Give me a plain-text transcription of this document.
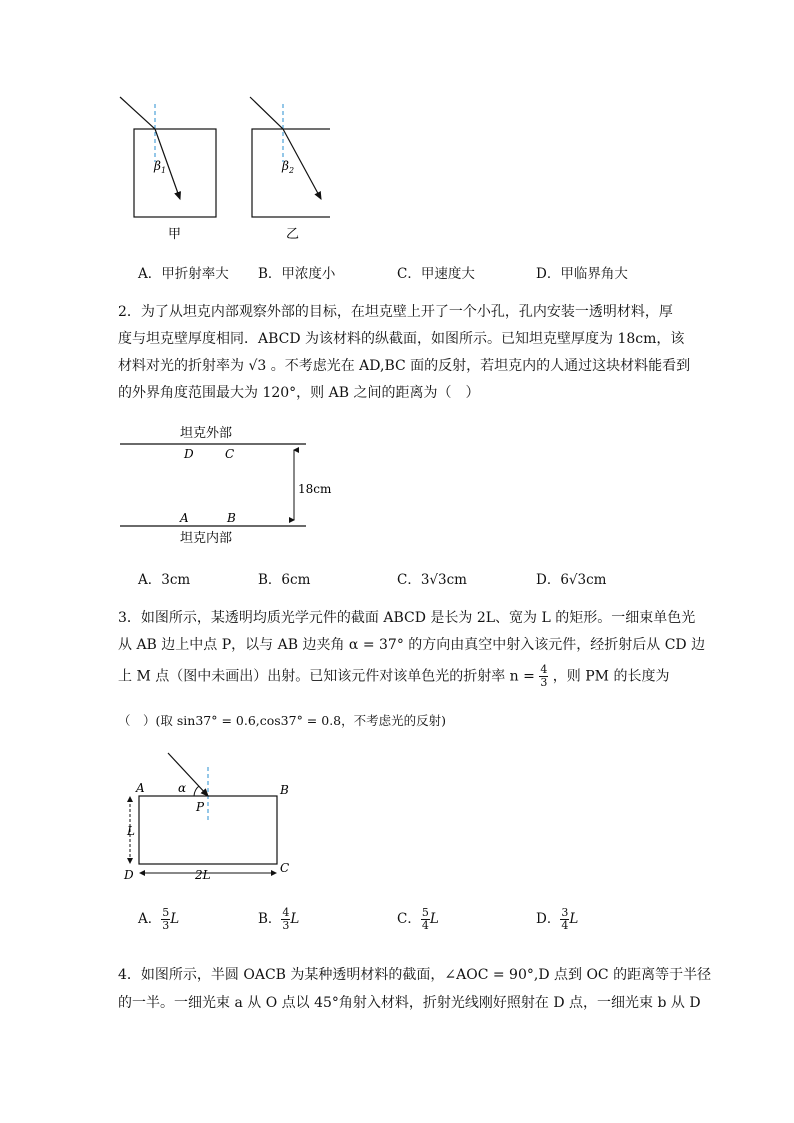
$\beta_1$	$\beta_2$
甲	乙
A．甲折射率大 B．甲浓度小	C．甲速度大	D．甲临界角大
2．为了从坦克内部观察外部的目标，在坦克壁上开了一个小孔，孔内安装一透明材料，厚
度与坦克壁厚度相同．ABCD 为该材料的纵截面，如图所示。已知坦克壁厚度为 18cm，该
材料对光的折射率为 √3 。不考虑光在 AD,BC 面的反射，若坦克内的人通过这块材料能看到
的外界角度范围最大为 120°，则 AB 之间的距离为（　）
坦克外部
D	C
18cm
A	B
坦克内部
A．3cm	B．6cm	C．3√3cm	D．6√3cm
3．如图所示，某透明均质光学元件的截面 ABCD 是长为 2L、宽为 L 的矩形。一细束单色光
从 AB 边上中点 P，以与 AB 边夹角 α = 37° 的方向由真空中射入该元件，经折射后从 CD 边
上 M 点（图中未画出）出射。已知该元件对该单色光的折射率 $n = \frac{4}{3}$ ，则 PM 的长度为
（　）(取 sin37° = 0.6,cos37° = 0.8，不考虑光的反射)
α
A	B
P
C
D
L
2L
A． $\frac{5}{3}$ L	B． $\frac{4}{3}$ L	C． $\frac{5}{4}$ L	D． $\frac{3}{4}$ L
4．如图所示，半圆 OACB 为某种透明材料的截面，∠AOC = 90°,D 点到 OC 的距离等于半径
的一半。一细光束 a 从 O 点以 45°角射入材料，折射光线刚好照射在 D 点，一细光束 b 从 D
